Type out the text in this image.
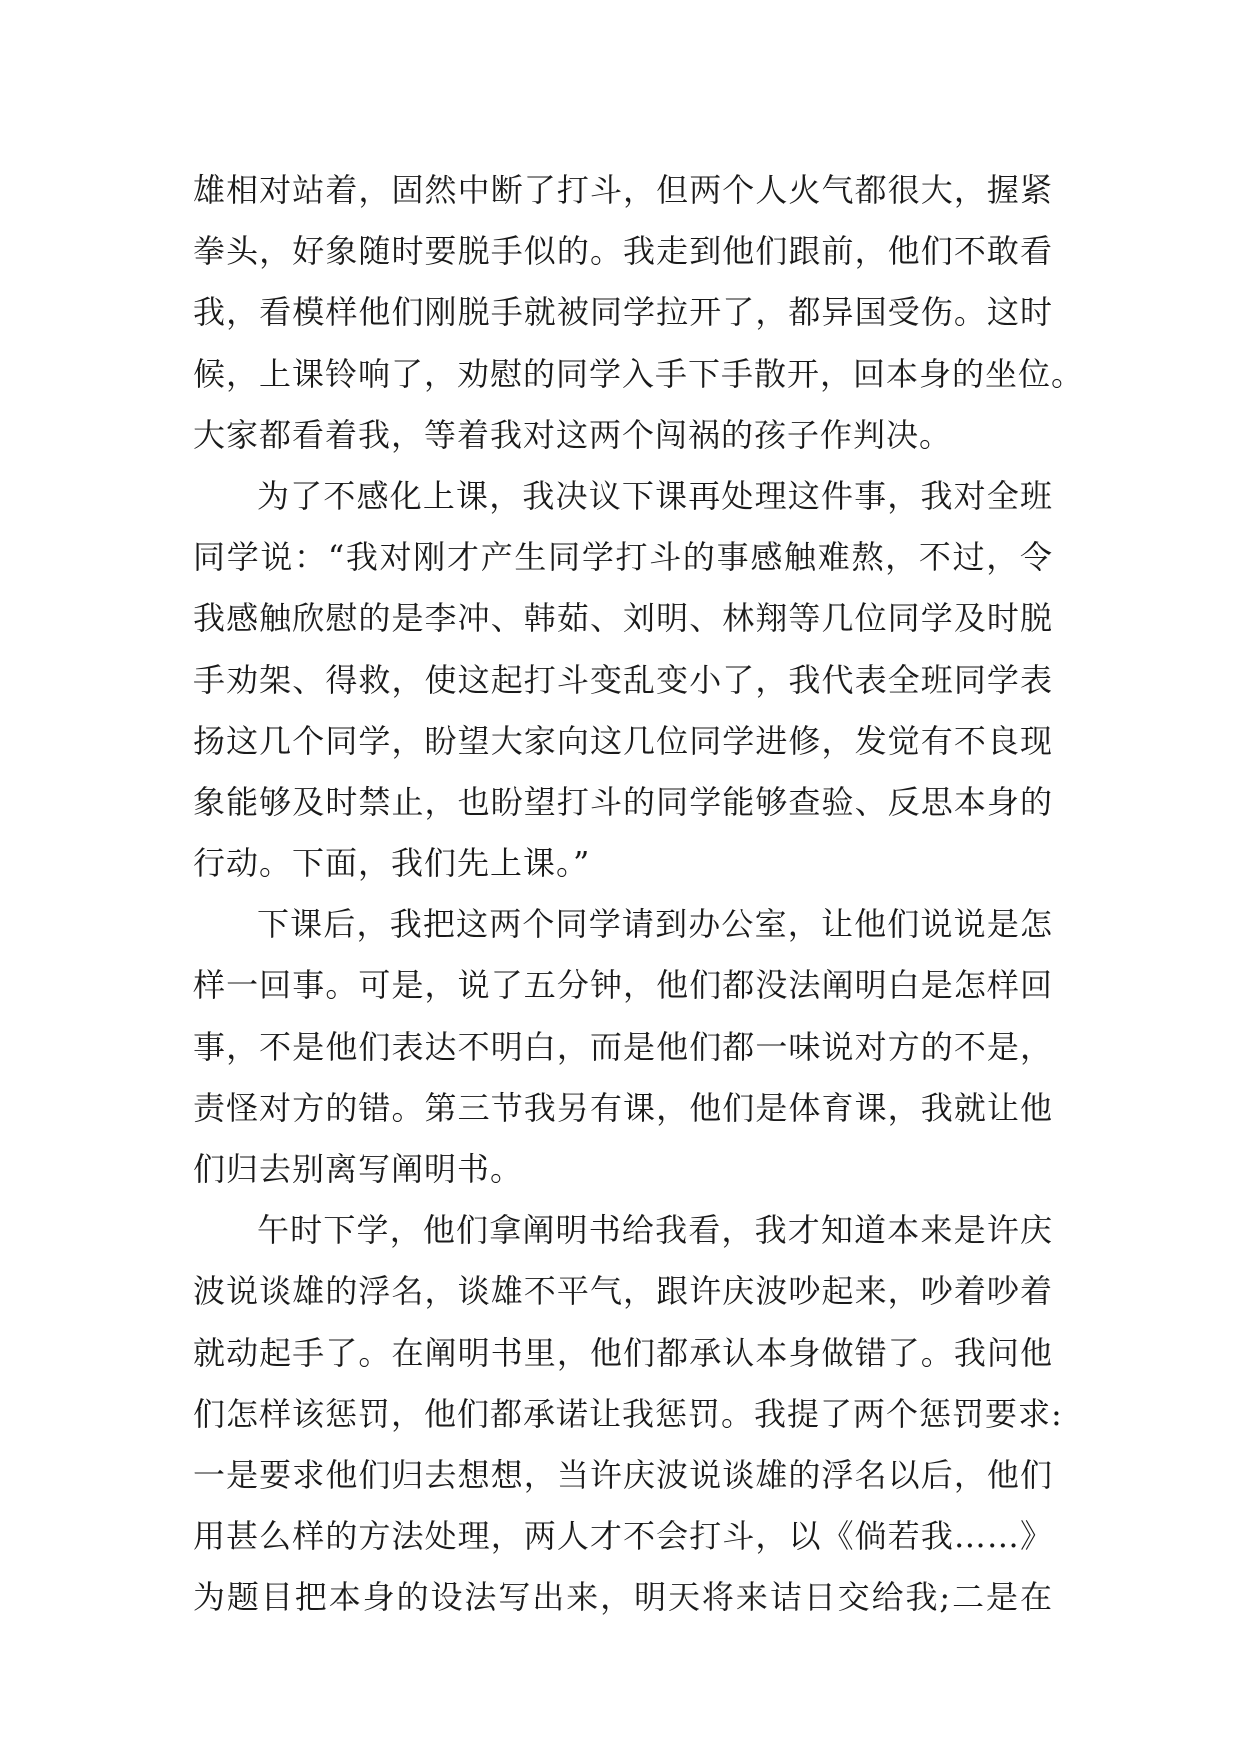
雄相对站着，固然中断了打斗，但两个人火气都很大，握紧
拳头，好象随时要脱手似的。我走到他们跟前，他们不敢看
我，看模样他们刚脱手就被同学拉开了，都异国受伤。这时
候，上课铃响了，劝慰的同学入手下手散开，回本身的坐位。
大家都看着我，等着我对这两个闯祸的孩子作判决。
为了不感化上课，我决议下课再处理这件事，我对全班
同学说：“我对刚才产生同学打斗的事感触难熬，不过，令
我感触欣慰的是李冲、韩茹、刘明、林翔等几位同学及时脱
手劝架、得救，使这起打斗变乱变小了，我代表全班同学表
扬这几个同学，盼望大家向这几位同学进修，发觉有不良现
象能够及时禁止，也盼望打斗的同学能够查验、反思本身的
行动。下面，我们先上课。”
下课后，我把这两个同学请到办公室，让他们说说是怎
样一回事。可是，说了五分钟，他们都没法阐明白是怎样回
事，不是他们表达不明白，而是他们都一味说对方的不是，
责怪对方的错。第三节我另有课，他们是体育课，我就让他
们归去别离写阐明书。
午时下学，他们拿阐明书给我看，我才知道本来是许庆
波说谈雄的浮名，谈雄不平气，跟许庆波吵起来，吵着吵着
就动起手了。在阐明书里，他们都承认本身做错了。我问他
们怎样该惩罚，他们都承诺让我惩罚。我提了两个惩罚要求:
一是要求他们归去想想，当许庆波说谈雄的浮名以后，他们
用甚么样的方法处理，两人才不会打斗，以《倘若我……》
为题目把本身的设法写出来，明天将来诘日交给我;二是在
